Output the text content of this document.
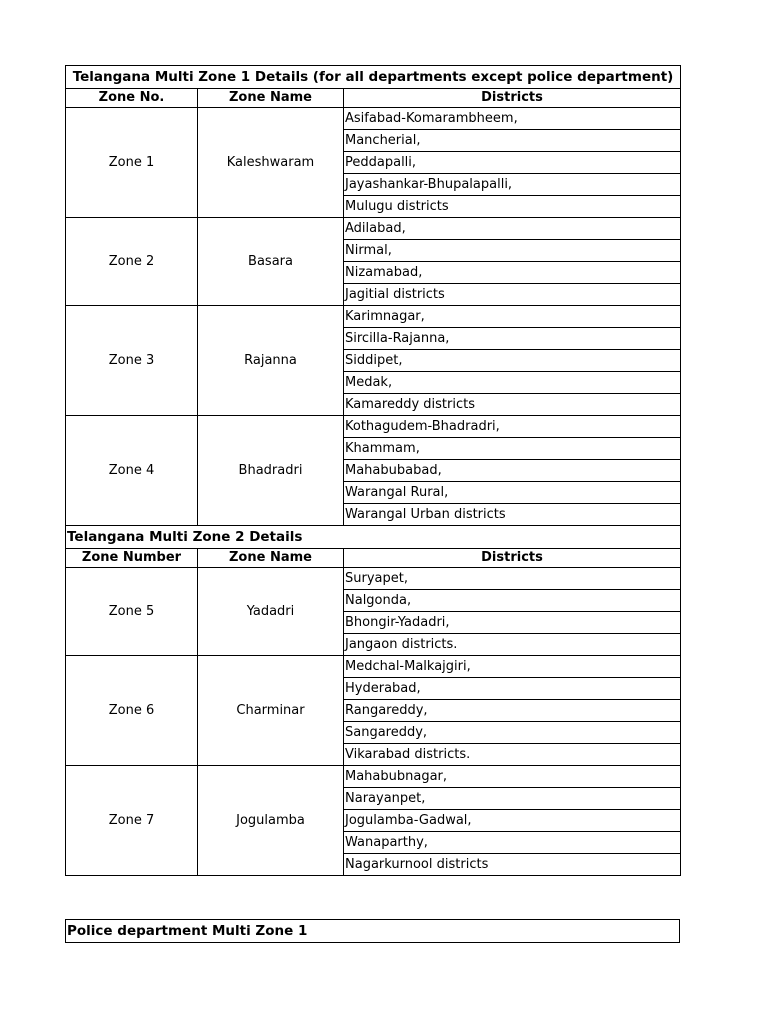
Telangana Multi Zone 1 Details (for all departments except police department)		
Zone No.	Zone Name	Districts
Zone 1	Kaleshwaram	Asifabad-Komarambheem,
		Mancherial,
		Peddapalli,
		Jayashankar-Bhupalapalli,
		Mulugu districts
Zone 2	Basara	Adilabad,
		Nirmal,
		Nizamabad,
		Jagitial districts
Zone 3	Rajanna	Karimnagar,
		Sircilla-Rajanna,
		Siddipet,
		Medak,
		Kamareddy districts
Zone 4	Bhadradri	Kothagudem-Bhadradri,
		Khammam,
		Mahabubabad,
		Warangal Rural,
		Warangal Urban districts
Telangana Multi Zone 2 Details		
Zone Number	Zone Name	Districts
Zone 5	Yadadri	Suryapet,
		Nalgonda,
		Bhongir-Yadadri,
		Jangaon districts.
Zone 6	Charminar	Medchal-Malkajgiri,
		Hyderabad,
		Rangareddy,
		Sangareddy,
		Vikarabad districts.
Zone 7	Jogulamba	Mahabubnagar,
		Narayanpet,
		Jogulamba-Gadwal,
		Wanaparthy,
		Nagarkurnool districts
Police department Multi Zone 1
